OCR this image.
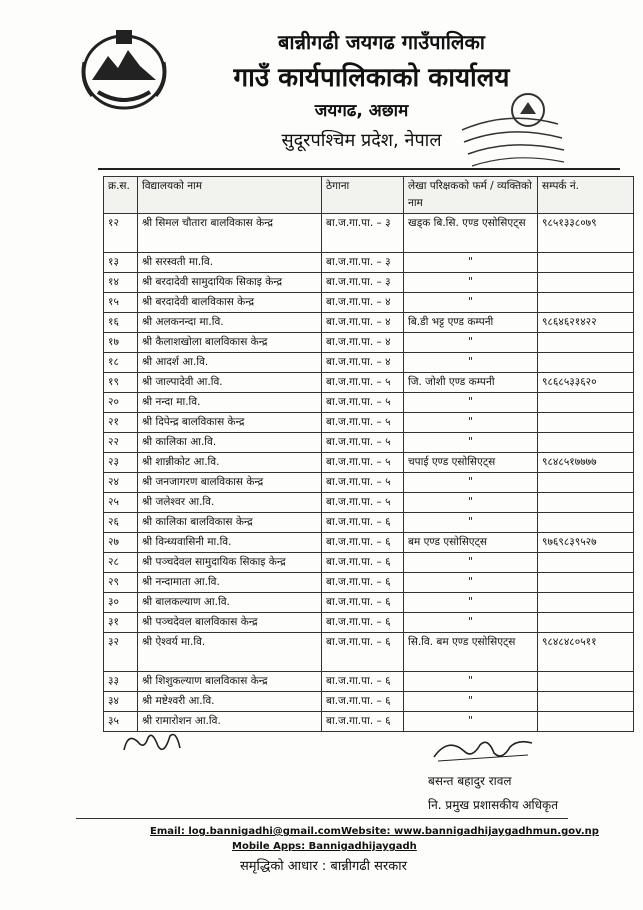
बान्नीगढी जयगढ गाउँपालिका
गाउँ कार्यपालिकाको कार्यालय
जयगढ, अछाम
सुदूरपश्चिम प्रदेश, नेपाल
क्र.स.	विद्यालयको नाम	ठेगाना	लेखा परिक्षकको फर्म / व्यक्तिको नाम	सम्पर्क नं.
१२	श्री सिमल चौतारा बालविकास केन्द्र	बा.ज.गा.पा. – ३	खड्क बि.सि. एण्ड एसोसिएट्स	९८५१३३८०७९
१३	श्री सरस्वती मा.वि.	बा.ज.गा.पा. – ३	"	
१४	श्री बरदादेवी सामुदायिक सिकाइ केन्द्र	बा.ज.गा.पा. – ३	"	
१५	श्री बरदादेवी बालविकास केन्द्र	बा.ज.गा.पा. – ४	"	
१६	श्री अलकनन्दा मा.वि.	बा.ज.गा.पा. – ४	बि.डी भट्ट एण्ड कम्पनी	९८६४६२१४२२
१७	श्री कैलाशखोला बालविकास केन्द्र	बा.ज.गा.पा. – ४	"	
१८	श्री आदर्श आ.वि.	बा.ज.गा.पा. – ४	"	
१९	श्री जाल्पादेवी आ.वि.	बा.ज.गा.पा. – ५	जि. जोशी एण्ड कम्पनी	९८६८५३३६२०
२०	श्री नन्दा मा.वि.	बा.ज.गा.पा. – ५	"	
२१	श्री दिपेन्द्र बालविकास केन्द्र	बा.ज.गा.पा. – ५	"	
२२	श्री कालिका आ.वि.	बा.ज.गा.पा. – ५	"	
२३	श्री शान्नीकोट आ.वि.	बा.ज.गा.पा. – ५	चपाई एण्ड एसोसिएट्स	९८४८५१७७७७
२४	श्री जनजागरण बालविकास केन्द्र	बा.ज.गा.पा. – ५	"	
२५	श्री जलेश्वर आ.वि.	बा.ज.गा.पा. – ५	"	
२६	श्री कालिका बालविकास केन्द्र	बा.ज.गा.पा. – ६	"	
२७	श्री विन्ध्यवासिनी मा.वि.	बा.ज.गा.पा. – ६	बम एण्ड एसोसिएट्स	९७६९८३९५२७
२८	श्री पञ्चदेवल सामुदायिक सिकाइ केन्द्र	बा.ज.गा.पा. – ६	"	
२९	श्री नन्दामाता आ.वि.	बा.ज.गा.पा. – ६	"	
३०	श्री बालकल्याण आ.वि.	बा.ज.गा.पा. – ६	"	
३१	श्री पञ्चदेवल बालविकास केन्द्र	बा.ज.गा.पा. – ६	"	
३२	श्री ऐश्वर्य मा.वि.	बा.ज.गा.पा. – ६	सि.वि. बम एण्ड एसोसिएट्स	९८४८४८०५११
३३	श्री शिशुकल्याण बालविकास केन्द्र	बा.ज.गा.पा. – ६	"	
३४	श्री मष्टेश्वरी आ.वि.	बा.ज.गा.पा. – ६	"	
३५	श्री रामारोशन आ.वि.	बा.ज.गा.पा. – ६	"	
बसन्त बहादुर रावल
नि. प्रमुख प्रशासकीय अधिकृत
Email: log.bannigadhi@gmail.comWebsite: www.bannigadhijaygadhmun.gov.np
Mobile Apps: Bannigadhijaygadh
समृद्धिको आधार : बान्नीगढी सरकार
